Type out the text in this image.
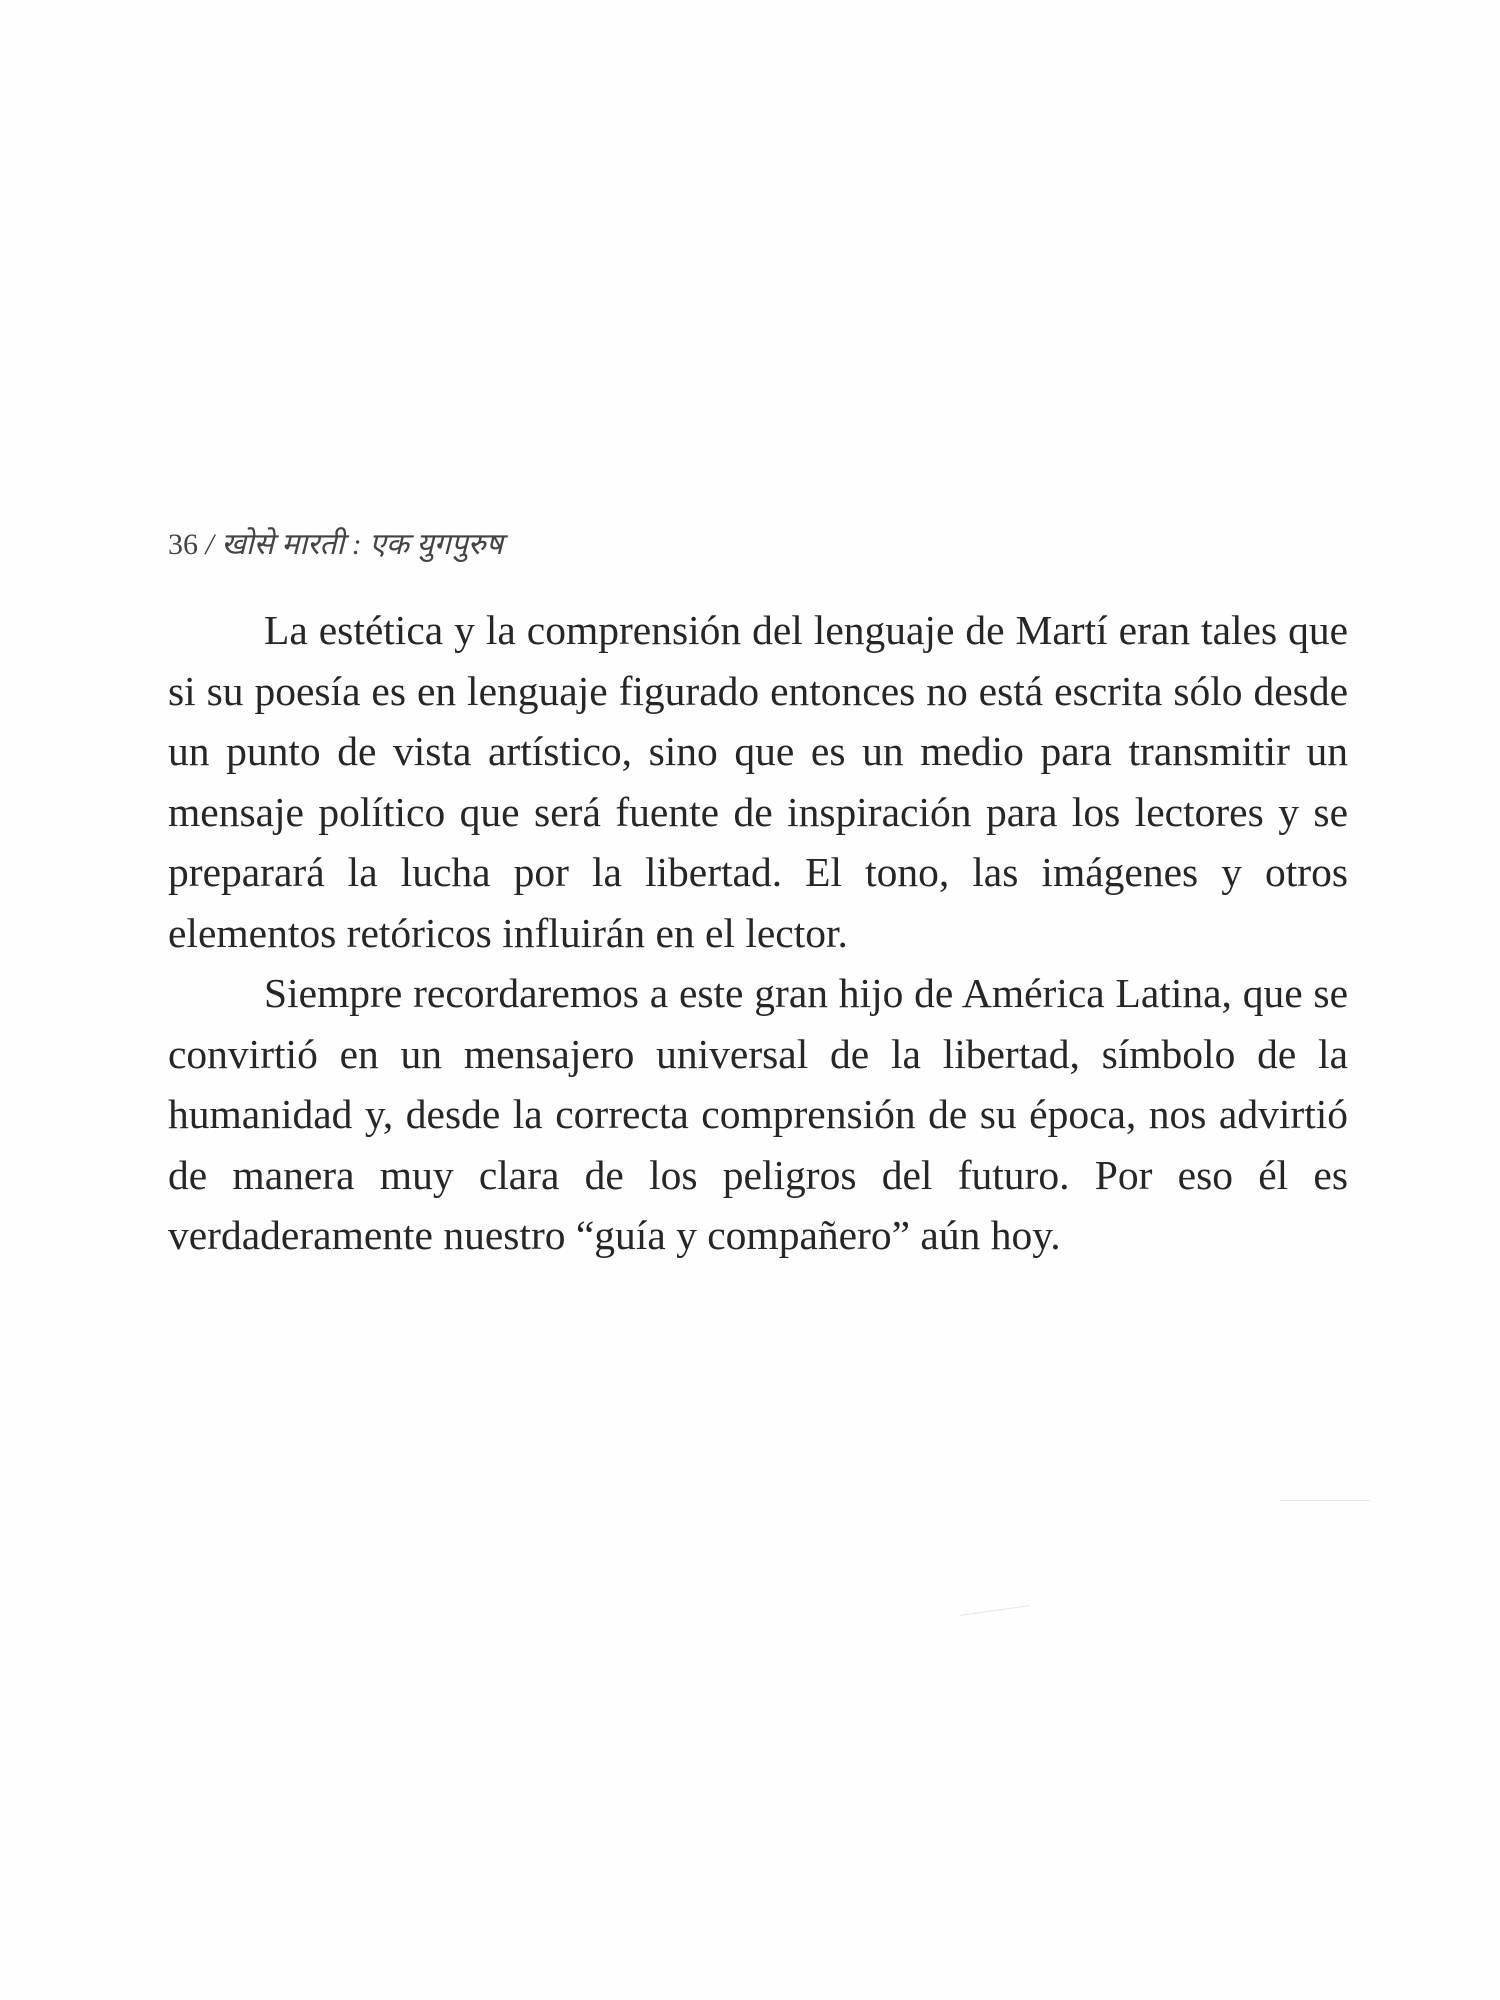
36 / खोसे मारती : एक युगपुरुष

La estética y la comprensión del lenguaje de Martí eran tales que si su poesía es en lenguaje figurado entonces no está escrita sólo desde un punto de vista artístico, sino que es un medio para transmitir un mensaje político que será fuente de inspiración para los lectores y se preparará la lucha por la libertad. El tono, las imágenes y otros elementos retóricos influirán en el lector.

Siempre recordaremos a este gran hijo de América Latina, que se convirtió en un mensajero universal de la libertad, símbolo de la humanidad y, desde la correcta comprensión de su época, nos advirtió de manera muy clara de los peligros del futuro. Por eso él es verdaderamente nuestro “guía y compañero” aún hoy.
